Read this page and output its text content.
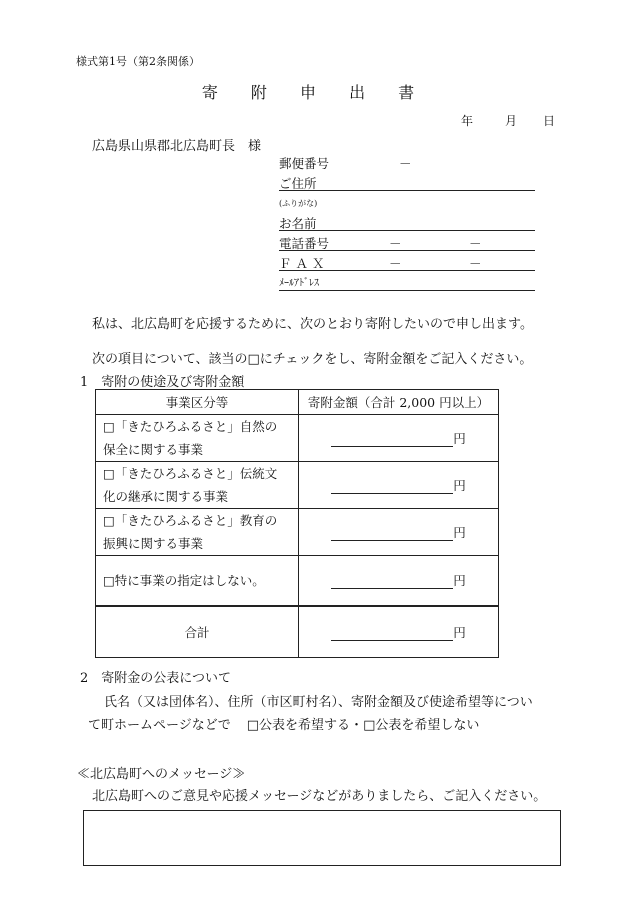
様式第1号（第2条関係）
寄 附 申 出 書
年	月 日
広島県山県郡北広島町長　様
郵便番号	－
ご住所
(ふりがな)
お名前
電話番号	－	－
ＦＡＸ	－	－
ﾒｰﾙｱﾄﾞﾚｽ
私は、北広島町を応援するために、次のとおり寄附したいので申し出ます。
次の項目について、該当の□にチェックをし、寄附金額をご記入ください。
1　寄附の使途及び寄附金額
事業区分等	寄附金額（合計 2,000 円以上）

□「きたひろふるさと」自然の
保全に関する事業	円

□「きたひろふるさと」伝統文
化の継承に関する事業	円

□「きたひろふるさと」教育の
振興に関する事業	円

□特に事業の指定はしない。	円
合計	円
2　寄附金の公表について
氏名（又は団体名）、住所（市区町村名）、寄附金額及び使途希望等につい
て町ホームページなどで □公表を希望する・□公表を希望しない
≪北広島町へのメッセージ≫
北広島町へのご意見や応援メッセージなどがありましたら、ご記入ください。
